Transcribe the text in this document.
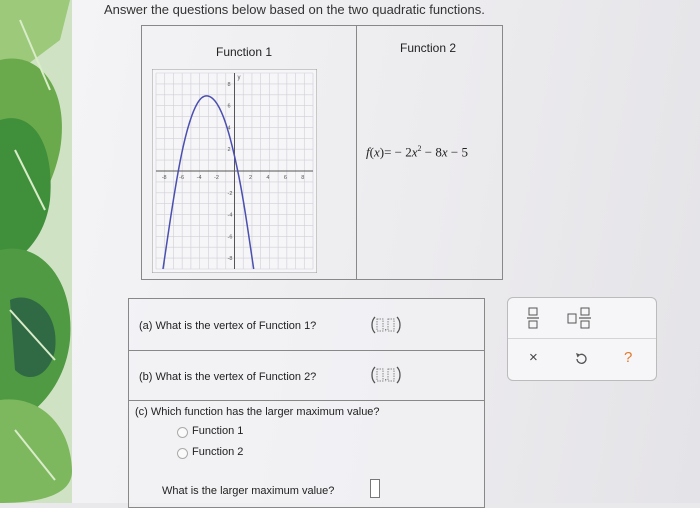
Answer the questions below based on the two quadratic functions.
Function 1	Function 2
y
-8 -6 -4 -2	2	4	6	8
8
6
4
2
-2
-4
-6
-8
$f(x)= - 2x^2 - 8x - 5$
(a) What is the vertex of Function 1?	,
(b) What is the vertex of Function 2?	,
(c) Which function has the larger maximum value?
Function 1
Function 2
What is the larger maximum value?
×	?
